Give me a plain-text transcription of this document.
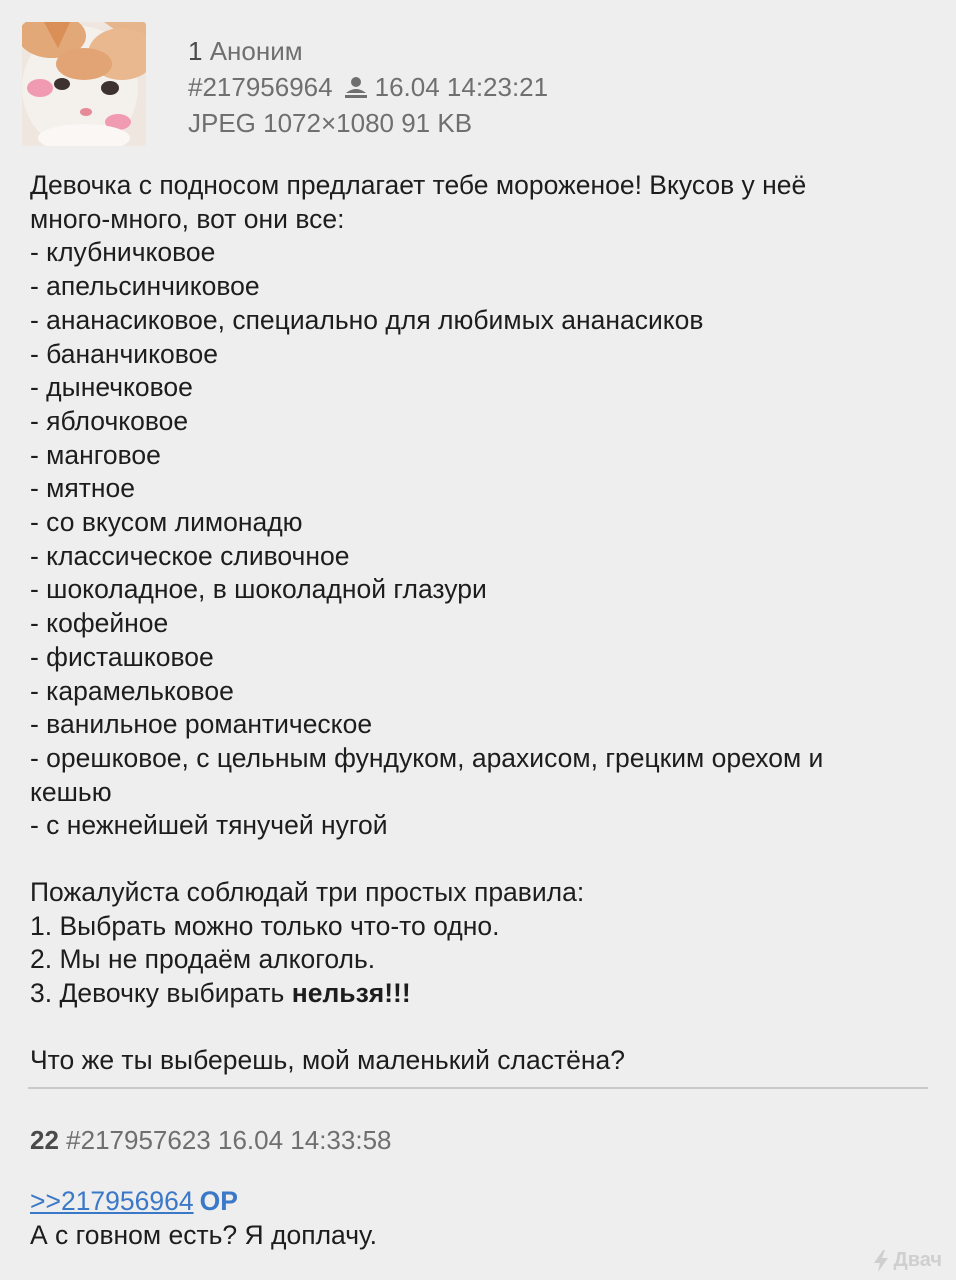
1 Аноним
#217956964 16.04 14:23:21
JPEG 1072×1080 91 KB

Девочка с подносом предлагает тебе мороженое! Вкусов у неё

много-много, вот они все:

- клубничковое

- апельсинчиковое

- ананасиковое, специально для любимых ананасиков

- бананчиковое

- дынечковое

- яблочковое

- манговое

- мятное

- со вкусом лимонадю

- классическое сливочное

- шоколадное, в шоколадной глазури

- кофейное

- фисташковое

- карамельковое

- ванильное романтическое

- орешковое, с цельным фундуком, арахисом, грецким орехом и

кешью

- с нежнейшей тянучей нугой

Пожалуйста соблюдай три простых правила:

1. Выбрать можно только что-то одно.

2. Мы не продаём алкоголь.

3. Девочку выбирать нельзя!!!

Что же ты выберешь, мой маленький сластёна?

22 #217957623 16.04 14:33:58
>>217956964 OP
А с говном есть? Я доплачу.
Двач
